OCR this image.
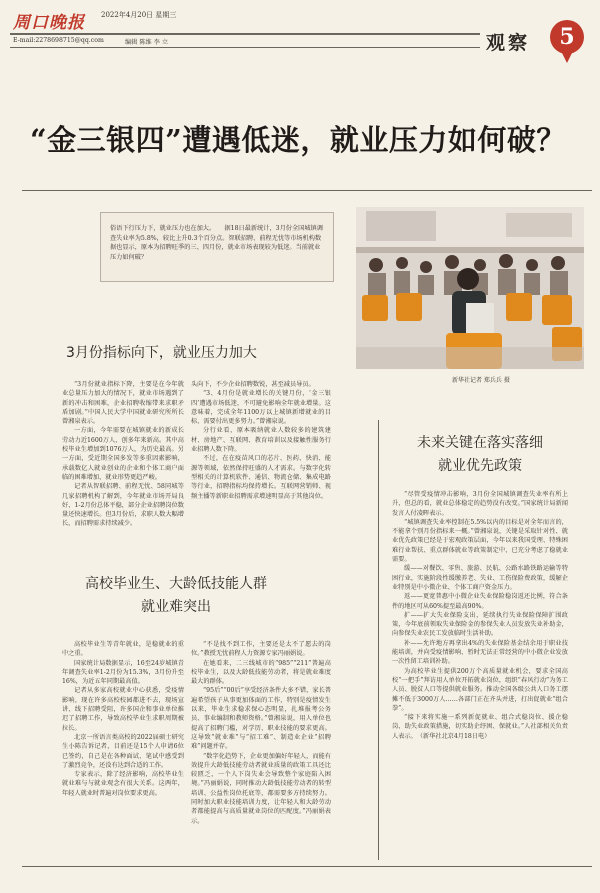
周口晚报 2022年4月20日 星期三
E-mail:2278698715@qq.com	编辑 陈维 李 立	观察	5
“金三银四”遭遇低迷，就业压力如何破？
俗语下行压力下，就业压力也在加大。　　据18日最新统计，3月份全国城镇调查失业率为5.8%，较比上升0.3个百分点。智联招聘、前程无忧等市场机构数据也显示，原本为招聘旺季的三、四月份，就业市场表现较为低迷。当前就业压力如何破？
新华社记者 郑兵兵 摄
3月份指标向下，就业压力加大

“3月份就业指标下降，主要是在今年就业总量压力加大的情况下，就业市场遇到了新的冲击和困难，企业招聘收缩带来求职矛盾加剧。”中国人民大学中国就业研究所所长曾湘泉表示。

一方面，今年需要在城镇就业的新成长劳动力近1600万人，创多年来新高。其中高校毕业生增加到1076万人，为历史最高。另一方面，受近期全国多发等多重因素影响，承载数亿人就业创业的企业和个体工商户面临的困难增加，就业形势更趋严峻。

记者从智联招聘、前程无忧、58同城等几家招聘机构了解到，今年就业市场开局良好，1-2月份总体平稳，部分企业招聘岗位数量还快速增长。但3月份后，求职人数大幅增长，而招聘需求持续减少。

头向下，不少企业招聘数锐，甚至减员导员。

“3、4月份是就业增长的关键月份，‘金三银四’遭遇市场低迷，不可避免影响全年就业增量。这意味着，完成全年1100万以上城镇新增就业的目标，需要付出更多努力。”曾湘泉说。

分行业看，原本吸纳就业人数较多的建筑建材、房地产、互联网、教育培训以及接触性服务行业招聘人数下降。

不过，在在疫苗风口的芯片、医药、快消、能源等领域，依然保持旺盛的人才需求。与数字化转型相关的计算机软件、通信、物流仓储、集成电路等行业，招聘指标均保持增长。互联网营销师、视频主播等新职业招聘需求增速明显高于其他岗位。

未来关键在落实落细
就业优先政策

“尽管受疫情冲击影响，3月份全国城镇调查失业率有所上升，但总的看，就业总体稳定的趋势没有改变。”国家统计局新闻发言人付凌晖表示。

“城镇调查失业率控制在5.5%以内的目标是对全年而言的，不能拿个别月份指标来一概。”曾湘泉说，关键是采取针对性、就业优先政策已经是于宏观政策层面，今年以来我国受理、特殊困难行业帮扶、重点群体就业等政策制定中，已充分考虑了稳就业需要。

缓——对餐饮、零售、旅游、民航、公路水路铁路运输等特困行业，实施阶段性缓缴养老、失业、工伤保险费政策，缓解企业特别是中小微企业、个体工商户资金压力。

返——更宽普惠中小微企业失业保险稳岗返还比例，符合条件的地区可从60%提至最高90%。

扩——扩大失业保险支出，延续执行失业保险保障扩围政策，今年底前领取失业保险金的参保失业人员发放失业补助金，向参保失业农民工发放临时生活补助。

补——允许地方再拿出4%的失业保险基金结余用于职业技能培训，并向受疫情影响、暂时无法正常经营的中小微企业发放一次性留工培训补助。

为高校毕业生提供200万个高质量就业机会，要求全国高校“一把手”拜访用人单位开拓就业岗位，组织“春风行动”为务工人员、脱贫人口等提供就业服务。推动全国各级公共人口务工摆摊不低于3000万人……各部门正在齐头并进，打出促就业“组合拳”。

“接下来将实施一系列新促就业、组合式稳岗位、援企稳岗、助失业政策措施，切实助企纾困、保就业。”人社部相关负责人表示。　（新华社北京4月18日电）

高校毕业生、大龄低技能人群
就业难突出

高校毕业生等青年就业，是稳就业的重中之重。

国家统计局数据显示，16至24岁城镇青年调查失业率1-2月份为15.3%，3月份升至16%，为近五年同期最高值。

记者从多家高校就业中心获悉，受疫情影响，现在许多高校校园都进不去，现场宣讲、线下招聘受阻，许多国企和事业单位推迟了招聘工作，导致高校毕业生求职周期被拉长。

北京一所语言类高校的2022届硕士研究生小陈告诉记者，目前还是15个人申请6位已签约，自己是在各种面试、笔试中感受到了激烈竞争，还没有达到合适的工作。

专家表示，除了经济影响，高校毕业生就业难与与就业观念有很大关系。这两年，年轻人就业时普遍对岗位要求更高。

“不是找不到工作，主要还是太不了愿去的岗位。”教授无忧前程人力资源专家冯丽娟说。

在她看来，二三线城市的“985”“211”普遍高校毕业生，以及大龄低技能劳动者，将是就业难度最大的群体。

“95后”“00后”享受经济条件大多不错，家长普遍希望孩子从事更加体面的工作，特别是疫情发生以来，毕业生求稳求保心态明显，扎堆报考公务员、事业编制和教师资格。”曾湘泉说，用人单位也提高了招聘门槛，对学历、职业技能的要求更高。这导致“就业难”与“招工难”、制造业企业“招聘难”问题并存。

“数字化趋势下，企业更加偏好年轻人，而能有效提升大龄低技能劳动者就业质量的政策工具还比较匮乏，一个人下岗失业会导致整个家庭陷入困境。”冯丽娟说，同时推动大龄低技能劳动者的转型培训、公益性岗位托底等，都需要多方持续努力。同时加大职业技能培训力度，让年轻人和大龄劳动者都能提高与高质量就业岗位的匹配度。”冯丽娟表示。
